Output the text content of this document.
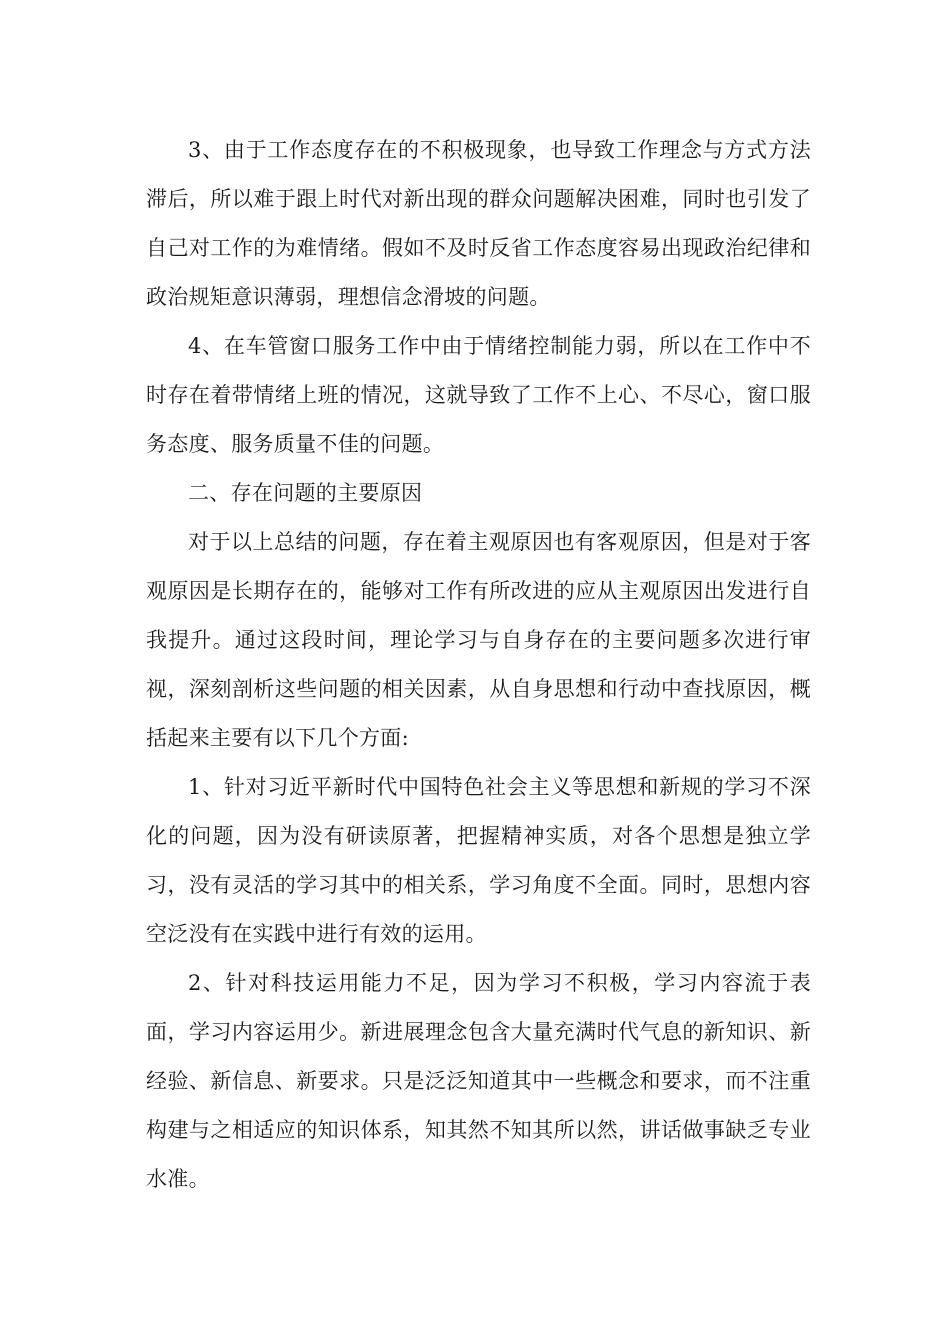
3、由于工作态度存在的不积极现象，也导致工作理念与方式方法滞后，所以难于跟上时代对新出现的群众问题解决困难，同时也引发了自己对工作的为难情绪。假如不及时反省工作态度容易出现政治纪律和政治规矩意识薄弱，理想信念滑坡的问题。

4、在车管窗口服务工作中由于情绪控制能力弱，所以在工作中不时存在着带情绪上班的情况，这就导致了工作不上心、不尽心，窗口服务态度、服务质量不佳的问题。

二、存在问题的主要原因

对于以上总结的问题，存在着主观原因也有客观原因，但是对于客观原因是长期存在的，能够对工作有所改进的应从主观原因出发进行自我提升。通过这段时间，理论学习与自身存在的主要问题多次进行审视，深刻剖析这些问题的相关因素，从自身思想和行动中查找原因，概括起来主要有以下几个方面:

1、针对习近平新时代中国特色社会主义等思想和新规的学习不深化的问题，因为没有研读原著，把握精神实质，对各个思想是独立学习，没有灵活的学习其中的相关系，学习角度不全面。同时，思想内容空泛没有在实践中进行有效的运用。

2、针对科技运用能力不足，因为学习不积极，学习内容流于表面，学习内容运用少。新进展理念包含大量充满时代气息的新知识、新经验、新信息、新要求。只是泛泛知道其中一些概念和要求，而不注重构建与之相适应的知识体系，知其然不知其所以然，讲话做事缺乏专业水准。
